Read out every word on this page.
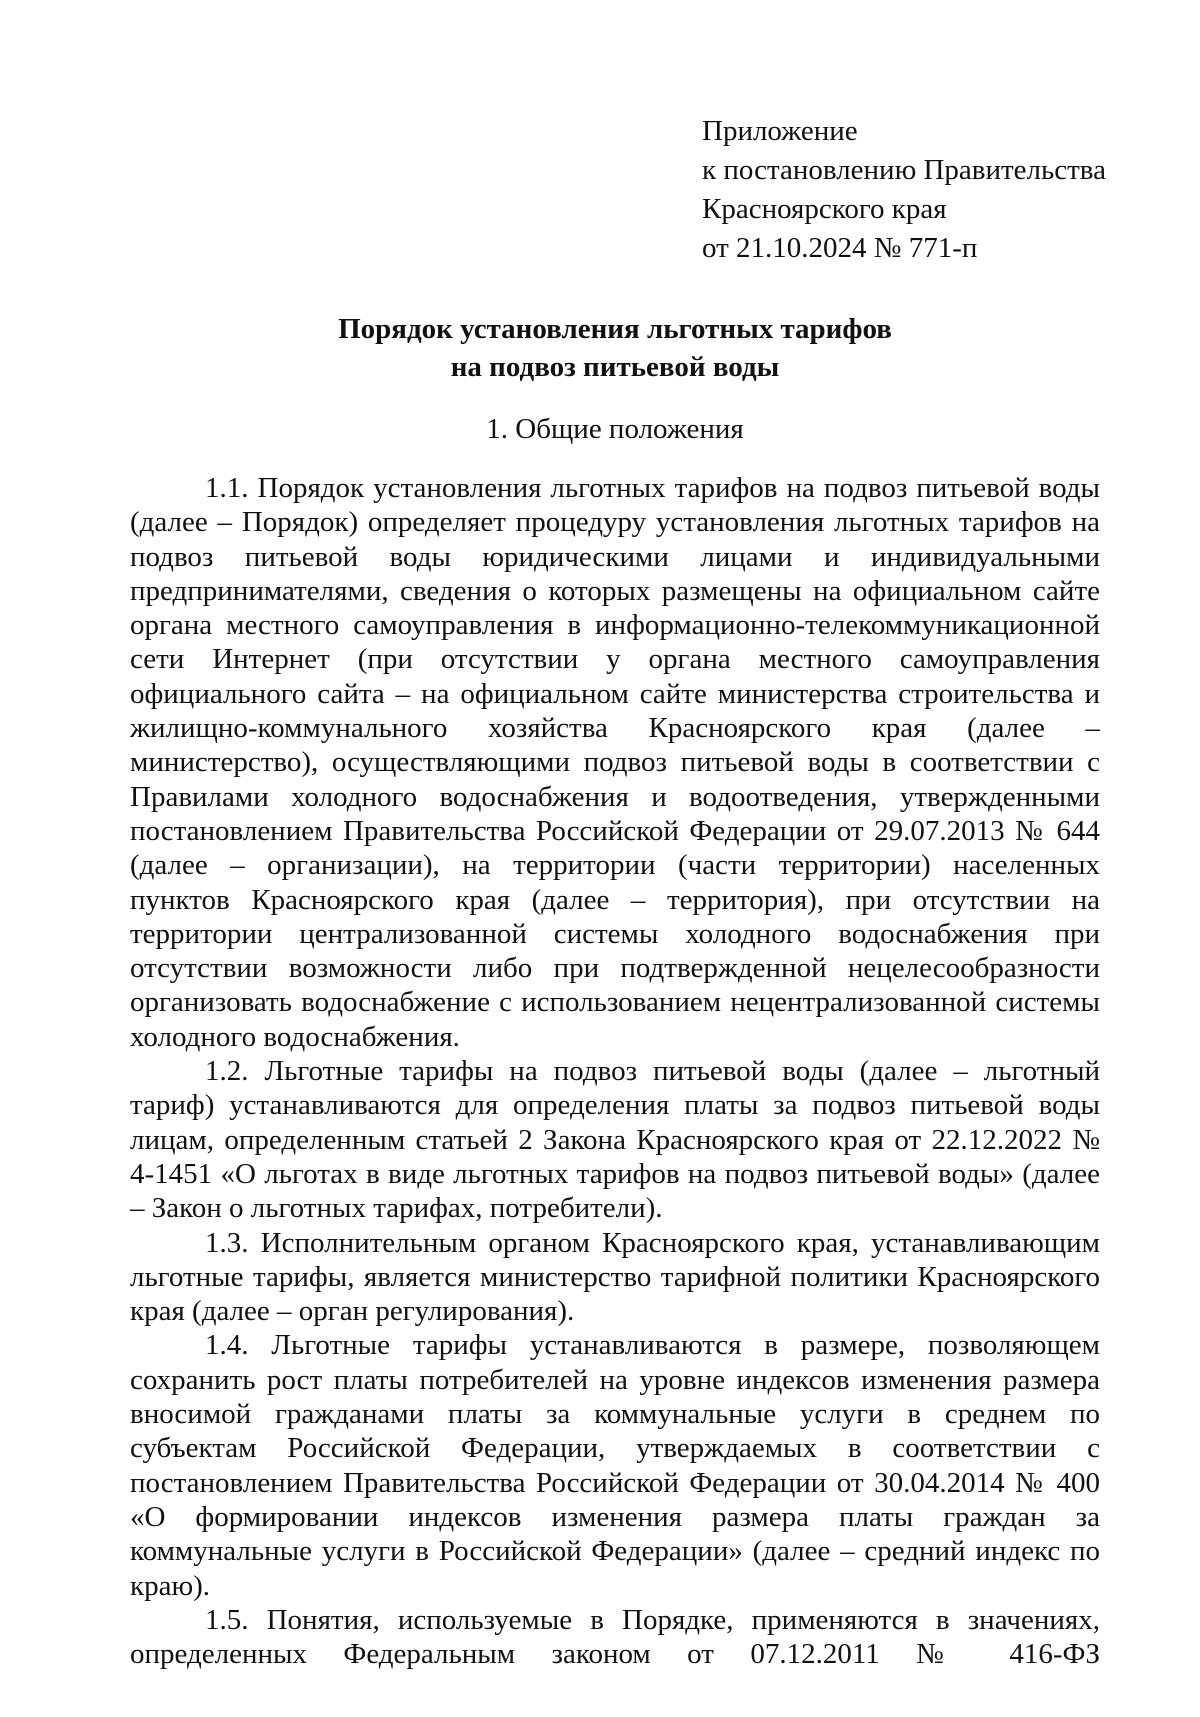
Приложение
к постановлению Правительства
Красноярского края
от 21.10.2024 № 771-п
Порядок установления льготных тарифов
на подвоз питьевой воды
1. Общие положения

1.1. Порядок установления льготных тарифов на подвоз питьевой воды (далее – Порядок) определяет процедуру установления льготных тарифов на подвоз питьевой воды юридическими лицами и индивидуальными предпринимателями, сведения о которых размещены на официальном сайте органа местного самоуправления в информационно-телекоммуникационной сети Интернет (при отсутствии у органа местного самоуправления официального сайта – на официальном сайте министерства строительства и жилищно-коммунального хозяйства Красноярского края (далее – министерство), осуществляющими подвоз питьевой воды в соответствии с Правилами холодного водоснабжения и водоотведения, утвержденными постановлением Правительства Российской Федерации от 29.07.2013 № 644 (далее – организации), на территории (части территории) населенных пунктов Красноярского края (далее – территория), при отсутствии на территории централизованной системы холодного водоснабжения при отсутствии возможности либо при подтвержденной нецелесообразности организовать водоснабжение с использованием нецентрализованной системы холодного водоснабжения.

1.2. Льготные тарифы на подвоз питьевой воды (далее – льготный тариф) устанавливаются для определения платы за подвоз питьевой воды лицам, определенным статьей 2 Закона Красноярского края от 22.12.2022 № 4-1451 «О льготах в виде льготных тарифов на подвоз питьевой воды» (далее – Закон о льготных тарифах, потребители).

1.3. Исполнительным органом Красноярского края, устанавливающим льготные тарифы, является министерство тарифной политики Красноярского края (далее – орган регулирования).

1.4. Льготные тарифы устанавливаются в размере, позволяющем сохранить рост платы потребителей на уровне индексов изменения размера вносимой гражданами платы за коммунальные услуги в среднем по субъектам Российской Федерации, утверждаемых в соответствии с постановлением Правительства Российской Федерации от 30.04.2014 № 400 «О формировании индексов изменения размера платы граждан за коммунальные услуги в Российской Федерации» (далее – средний индекс по краю).

1.5. Понятия, используемые в Порядке, применяются в значениях, определенных Федеральным законом от 07.12.2011 № 416-ФЗ
